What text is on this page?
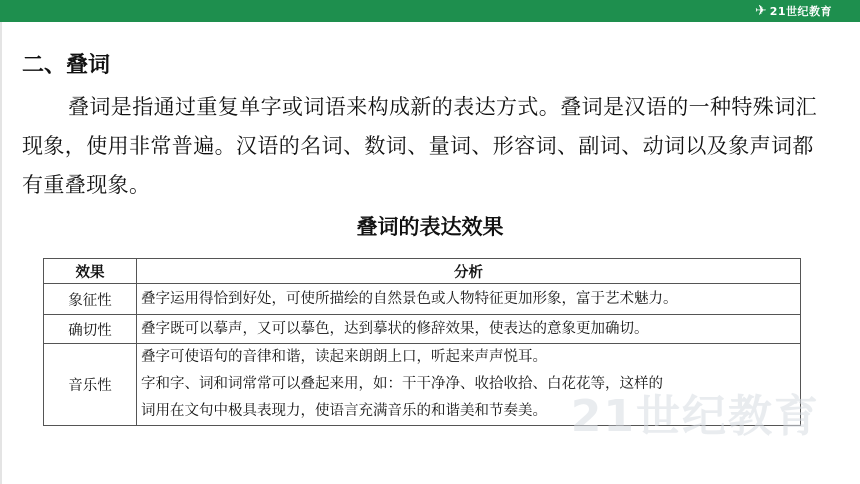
✈ 21世纪教育
二、叠词

叠词是指通过重复单字或词语来构成新的表达方式。叠词是汉语的一种特殊词汇现象，使用非常普遍。汉语的名词、数词、量词、形容词、副词、动词以及象声词都有重叠现象。

叠词的表达效果
效果	分析
象征性	叠字运用得恰到好处，可使所描绘的自然景色或人物特征更加形象，富于艺术魅力。

确切性	叠字既可以摹声，又可以摹色，达到摹状的修辞效果，使表达的意象更加确切。

音乐性	叠字可使语句的音律和谐，读起来朗朗上口，听起来声声悦耳。
字和字、词和词常常可以叠起来用，如：干干净净、收拾收拾、白花花等，这样的
词用在文句中极具表现力，使语言充满音乐的和谐美和节奏美。 21世纪教育
